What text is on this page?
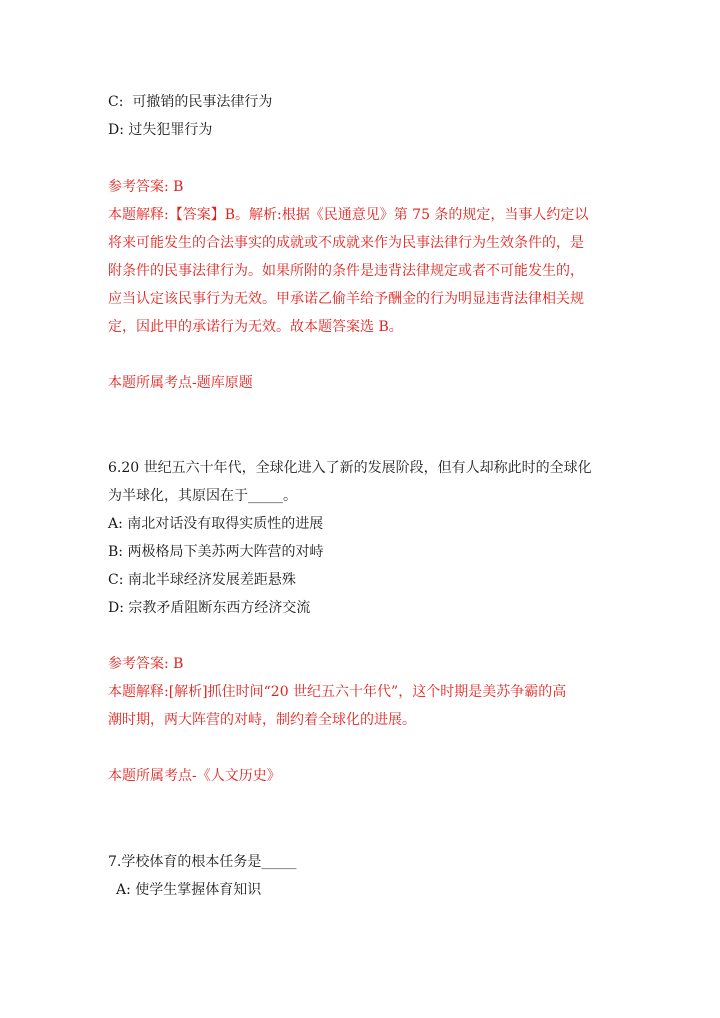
C:  可撤销的民事法律行为
D: 过失犯罪行为
参考答案: B
本题解释:【答案】B。解析:根据《民通意见》第 75 条的规定，当事人约定以
将来可能发生的合法事实的成就或不成就来作为民事法律行为生效条件的，是
附条件的民事法律行为。如果所附的条件是违背法律规定或者不可能发生的，
应当认定该民事行为无效。甲承诺乙偷羊给予酬金的行为明显违背法律相关规
定，因此甲的承诺行为无效。故本题答案选 B。
本题所属考点-题库原题
6.20 世纪五六十年代，全球化进入了新的发展阶段，但有人却称此时的全球化
为半球化，其原因在于_____。
A: 南北对话没有取得实质性的进展
B: 两极格局下美苏两大阵营的对峙
C: 南北半球经济发展差距悬殊
D: 宗教矛盾阻断东西方经济交流
参考答案: B
本题解释:[解析]抓住时间“20 世纪五六十年代”，这个时期是美苏争霸的高
潮时期，两大阵营的对峙，制约着全球化的进展。
本题所属考点-《人文历史》
7.学校体育的根本任务是_____
A: 使学生掌握体育知识
